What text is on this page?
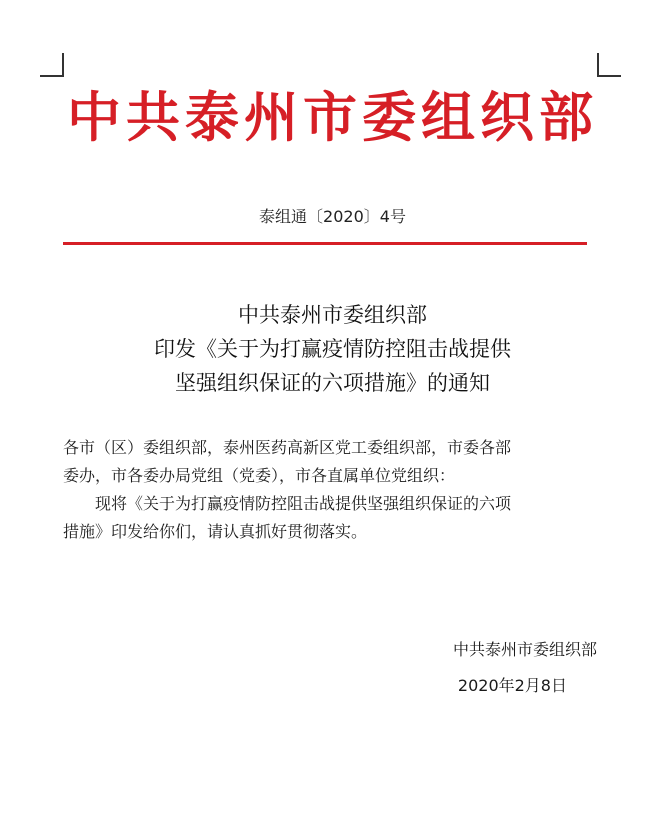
中共泰州市委组织部
泰组通〔2020〕4号
中共泰州市委组织部
印发《关于为打赢疫情防控阻击战提供
坚强组织保证的六项措施》的通知

各市（区）委组织部，泰州医药高新区党工委组织部，市委各部

委办，市各委办局党组（党委），市各直属单位党组织：

现将《关于为打赢疫情防控阻击战提供坚强组织保证的六项

措施》印发给你们，请认真抓好贯彻落实。

中共泰州市委组织部
2020年2月8日
